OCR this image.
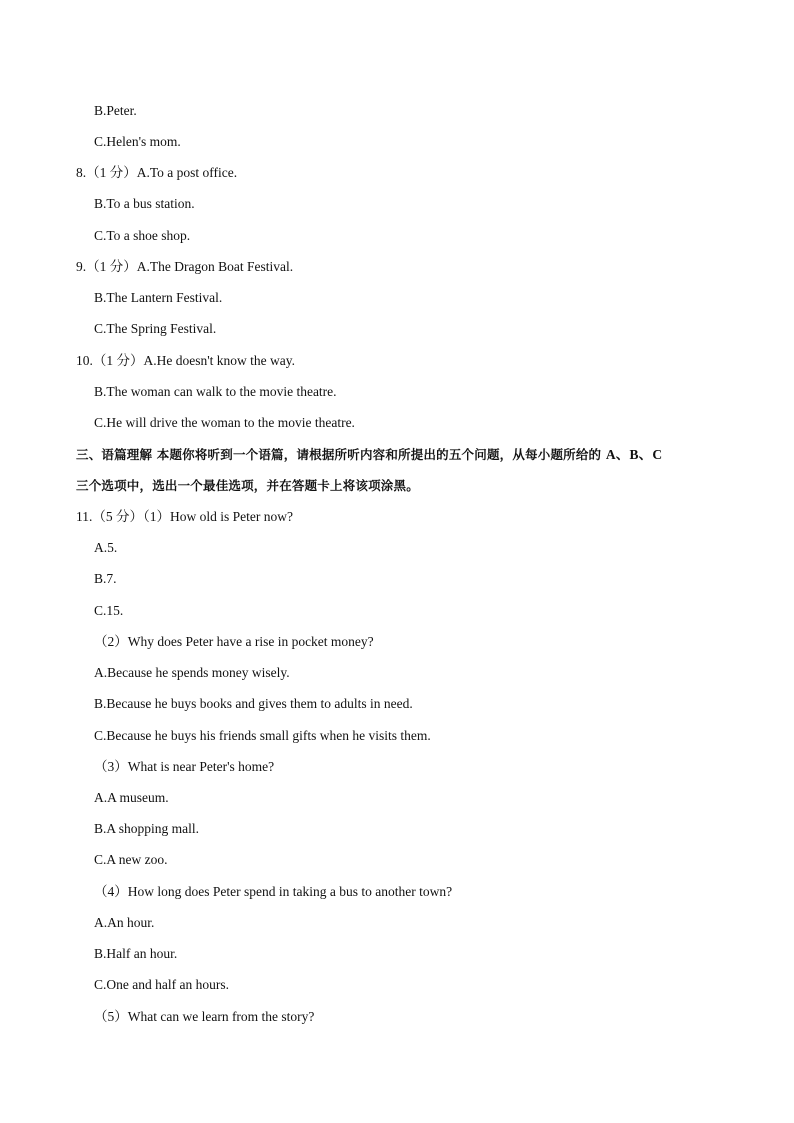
B.Peter.
C.Helen's mom.
8.（1 分）A.To a post office.
B.To a bus station.
C.To a shoe shop.
9.（1 分）A.The Dragon Boat Festival.
B.The Lantern Festival.
C.The Spring Festival.
10.（1 分）A.He doesn't know the way.
B.The woman can walk to the movie theatre.
C.He will drive the woman to the movie theatre.
三、语篇理解 本题你将听到一个语篇，请根据所听内容和所提出的五个问题，从每小题所给的 A、B、C
三个选项中，选出一个最佳选项，并在答题卡上将该项涂黑。
11.（5 分）（1）How old is Peter now?
A.5.
B.7.
C.15.
（2）Why does Peter have a rise in pocket money?
A.Because he spends money wisely.
B.Because he buys books and gives them to adults in need.
C.Because he buys his friends small gifts when he visits them.
（3）What is near Peter's home?
A.A museum.
B.A shopping mall.
C.A new zoo.
（4）How long does Peter spend in taking a bus to another town?
A.An hour.
B.Half an hour.
C.One and half an hours.
（5）What can we learn from the story?
